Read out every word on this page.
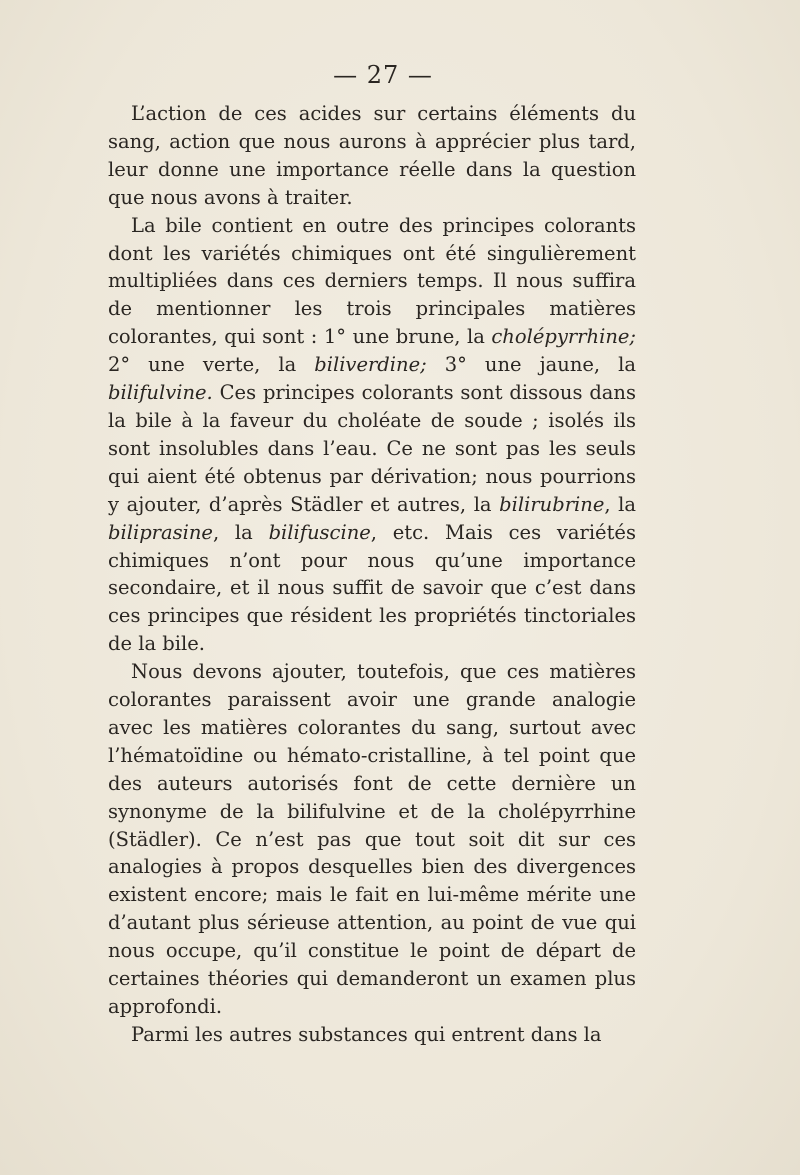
— 27 —

L’action de ces acides sur certains éléments du sang, action que nous aurons à apprécier plus tard, leur donne une importance réelle dans la question que nous avons à traiter.

La bile contient en outre des principes colorants dont les variétés chimiques ont été singulièrement multipliées dans ces derniers temps. Il nous suffira de mentionner les trois principales matières colorantes, qui sont : 1° une brune, la cholépyrrhine; 2° une verte, la biliverdine; 3° une jaune, la bilifulvine. Ces principes colorants sont dissous dans la bile à la faveur du choléate de soude ; isolés ils sont insolubles dans l’eau. Ce ne sont pas les seuls qui aient été obtenus par dérivation; nous pourrions y ajouter, d’après Städler et autres, la bilirubrine, la biliprasine, la bilifuscine, etc. Mais ces variétés chimiques n’ont pour nous qu’une importance secondaire, et il nous suffit de savoir que c’est dans ces principes que résident les propriétés tinctoriales de la bile.

Nous devons ajouter, toutefois, que ces matières colorantes paraissent avoir une grande analogie avec les matières colorantes du sang, surtout avec l’hématoïdine ou hémato-cristalline, à tel point que des auteurs autorisés font de cette dernière un synonyme de la bilifulvine et de la cholépyrrhine (Städler). Ce n’est pas que tout soit dit sur ces analogies à propos desquelles bien des divergences existent encore; mais le fait en lui-même mérite une d’autant plus sérieuse attention, au point de vue qui nous occupe, qu’il constitue le point de départ de certaines théories qui demanderont un examen plus approfondi.

Parmi les autres substances qui entrent dans la
